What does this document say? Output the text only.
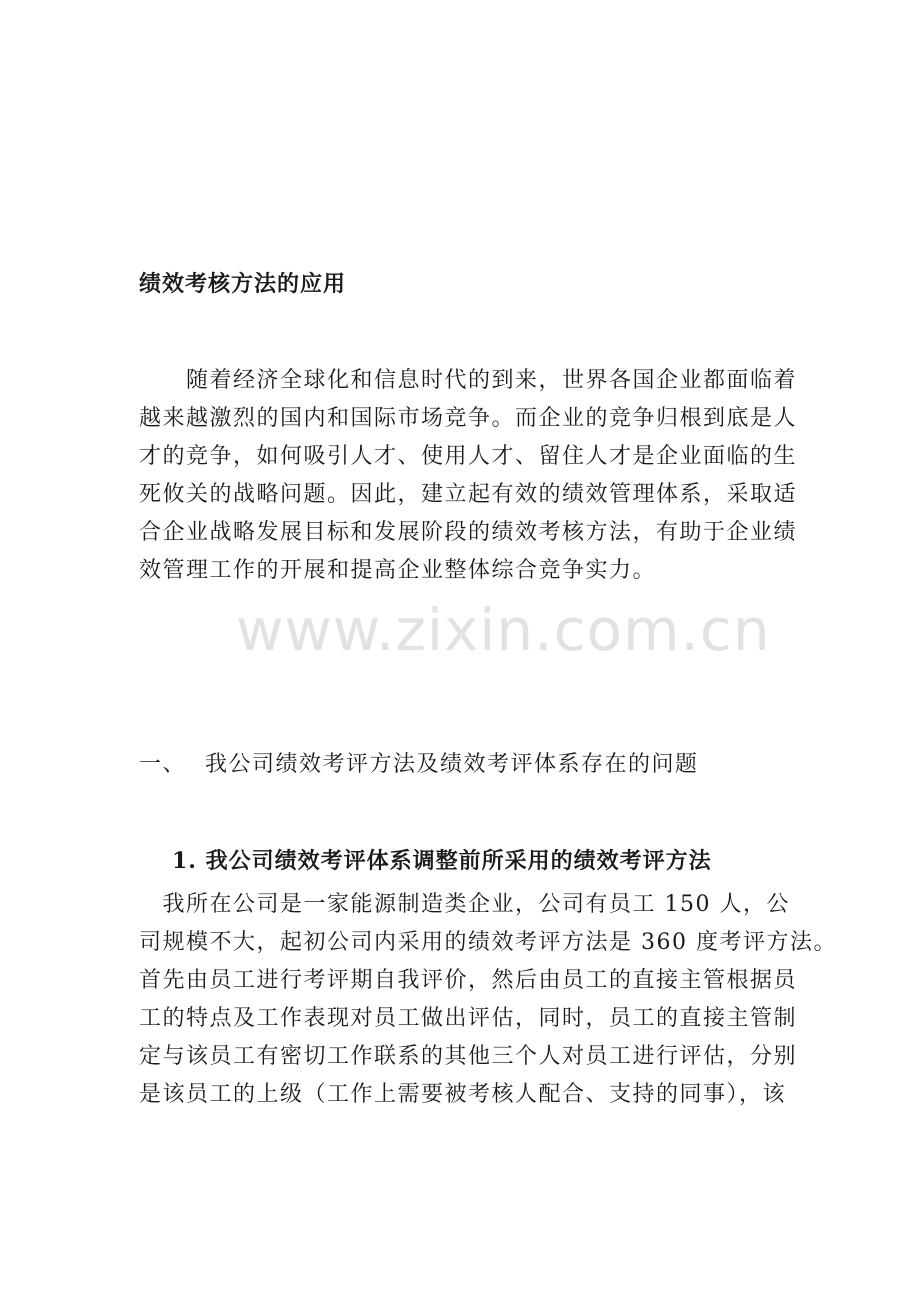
绩效考核方法的应用
　　随着经济全球化和信息时代的到来，世界各国企业都面临着
越来越激烈的国内和国际市场竞争。而企业的竞争归根到底是人
才的竞争，如何吸引人才、使用人才、留住人才是企业面临的生
死攸关的战略问题。因此，建立起有效的绩效管理体系，采取适
合企业战略发展目标和发展阶段的绩效考核方法，有助于企业绩
效管理工作的开展和提高企业整体综合竞争实力。
www.zixin.com.cn
一、 我公司绩效考评方法及绩效考评体系存在的问题
1. 我公司绩效考评体系调整前所采用的绩效考评方法
　我所在公司是一家能源制造类企业，公司有员工 150 人，公
司规模不大，起初公司内采用的绩效考评方法是 360 度考评方法。
首先由员工进行考评期自我评价，然后由员工的直接主管根据员
工的特点及工作表现对员工做出评估，同时，员工的直接主管制
定与该员工有密切工作联系的其他三个人对员工进行评估，分别
是该员工的上级（工作上需要被考核人配合、支持的同事），该
